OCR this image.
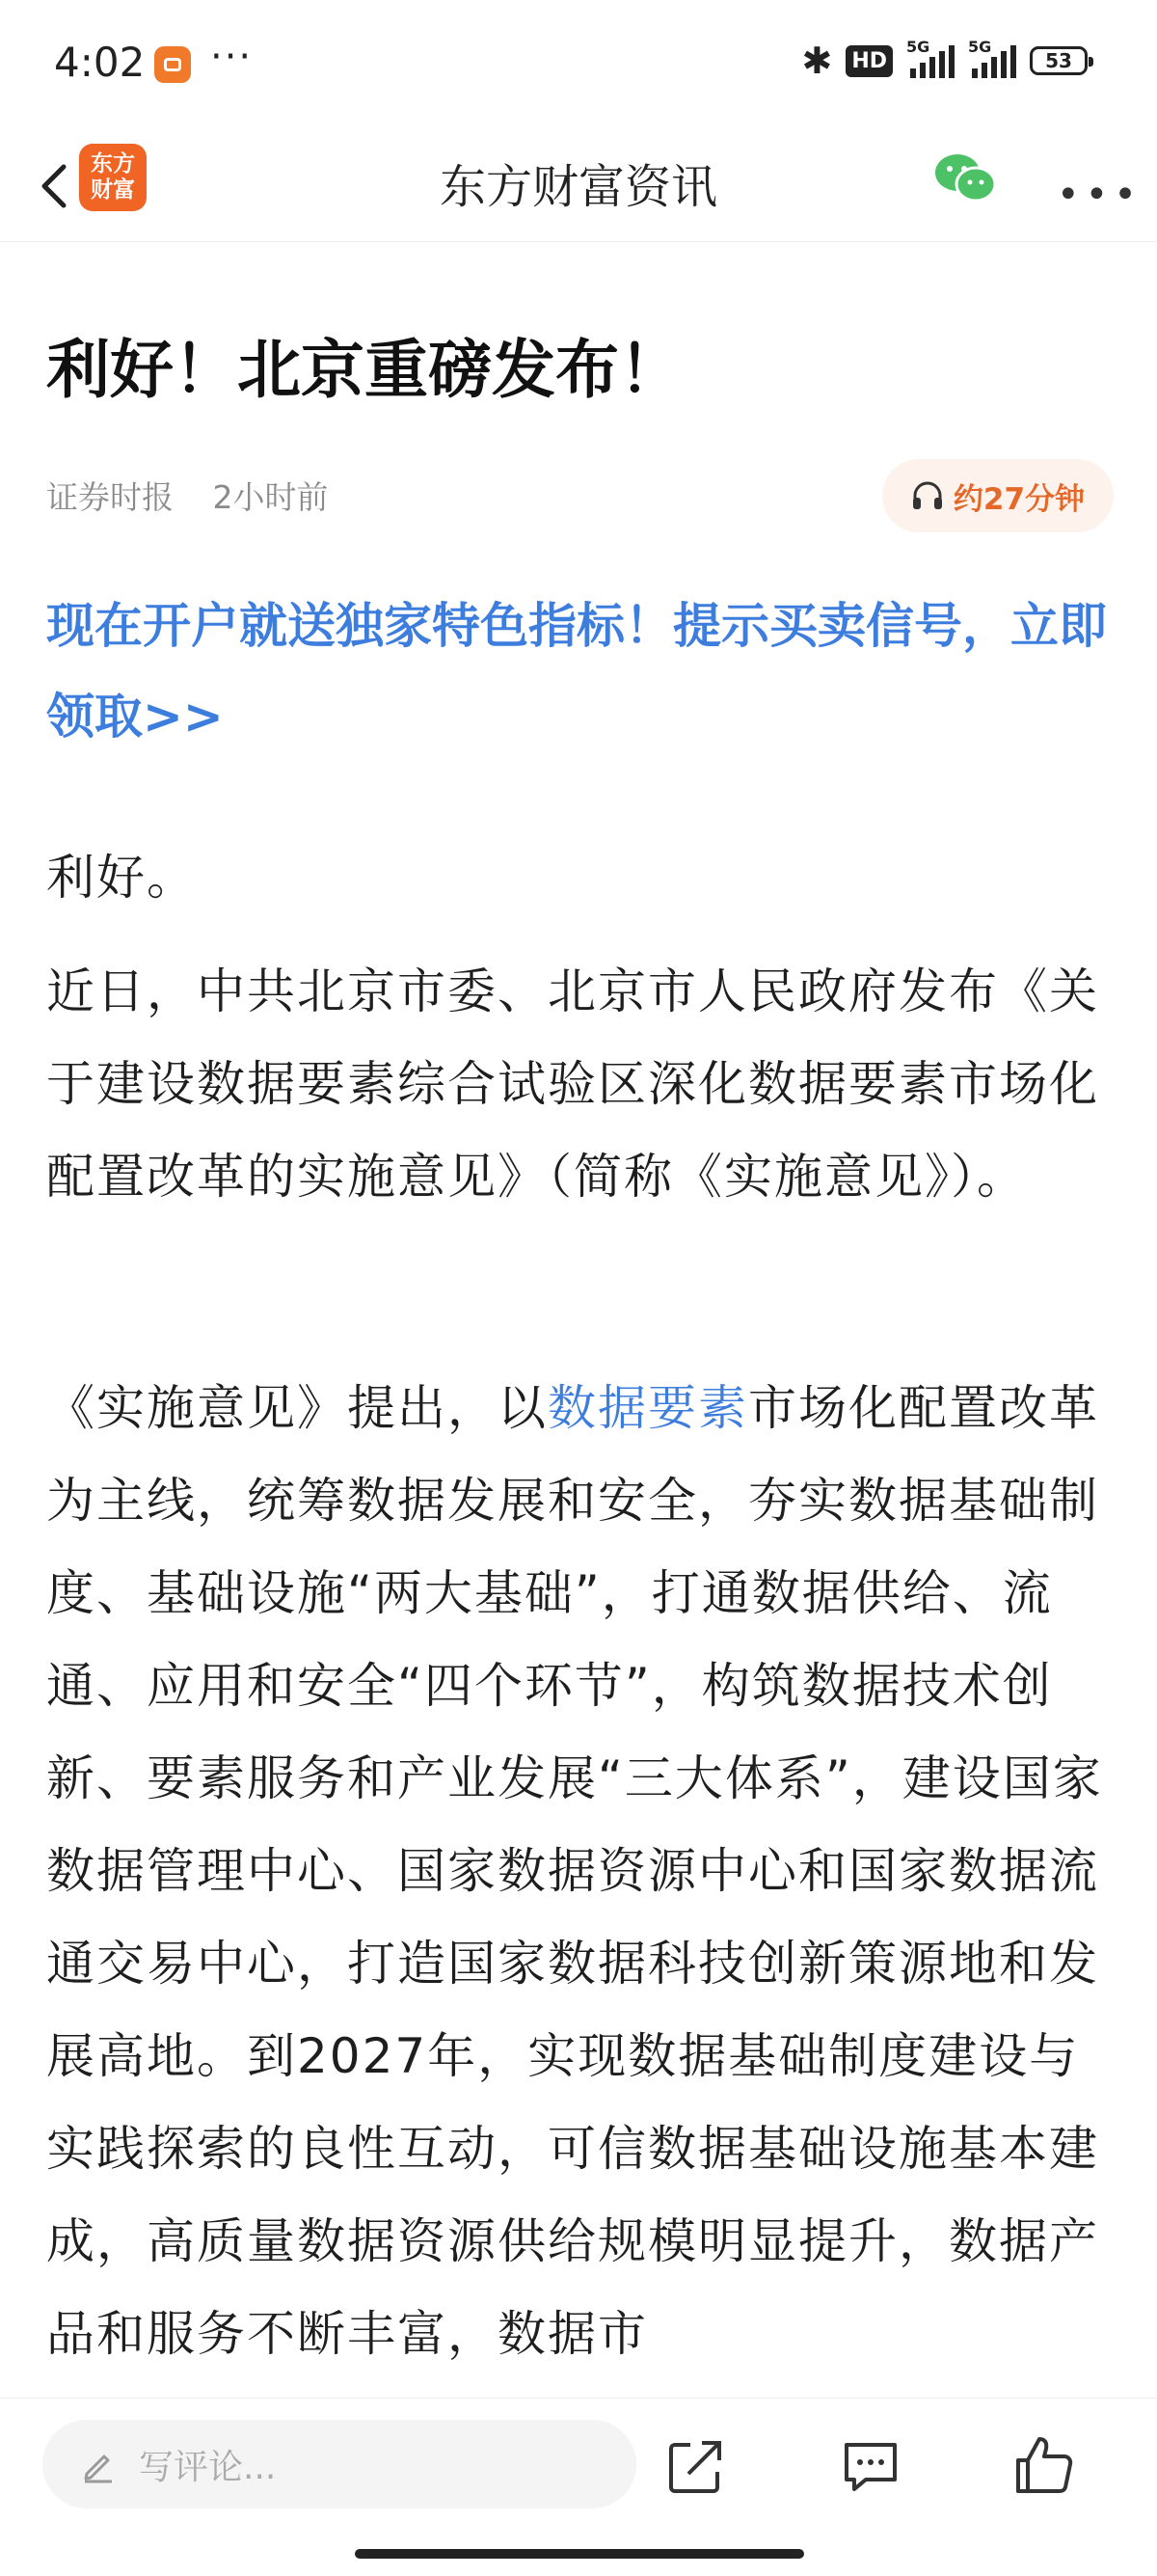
4:02 ···	✱ HD
5G 5G
53
东方
财富	东方财富资讯	•••
利好！北京重磅发布！
证券时报 2小时前	约27分钟
现在开户就送独家特色指标！提示买卖信号，立即领取>>

利好。

近日，中共北京市委、北京市人民政府发布《关于建设数据要素综合试验区深化数据要素市场化配置改革的实施意见》（简称《实施意见》）。

《实施意见》提出，以数据要素市场化配置改革为主线，统筹数据发展和安全，夯实数据基础制度、基础设施“两大基础”，打通数据供给、流通、应用和安全“四个环节”，构筑数据技术创新、要素服务和产业发展“三大体系”，建设国家数据管理中心、国家数据资源中心和国家数据流通交易中心，打造国家数据科技创新策源地和发展高地。到2027年，实现数据基础制度建设与实践探索的良性互动，可信数据基础设施基本建成，高质量数据资源供给规模明显提升，数据产品和服务不断丰富，数据市

写评论...
